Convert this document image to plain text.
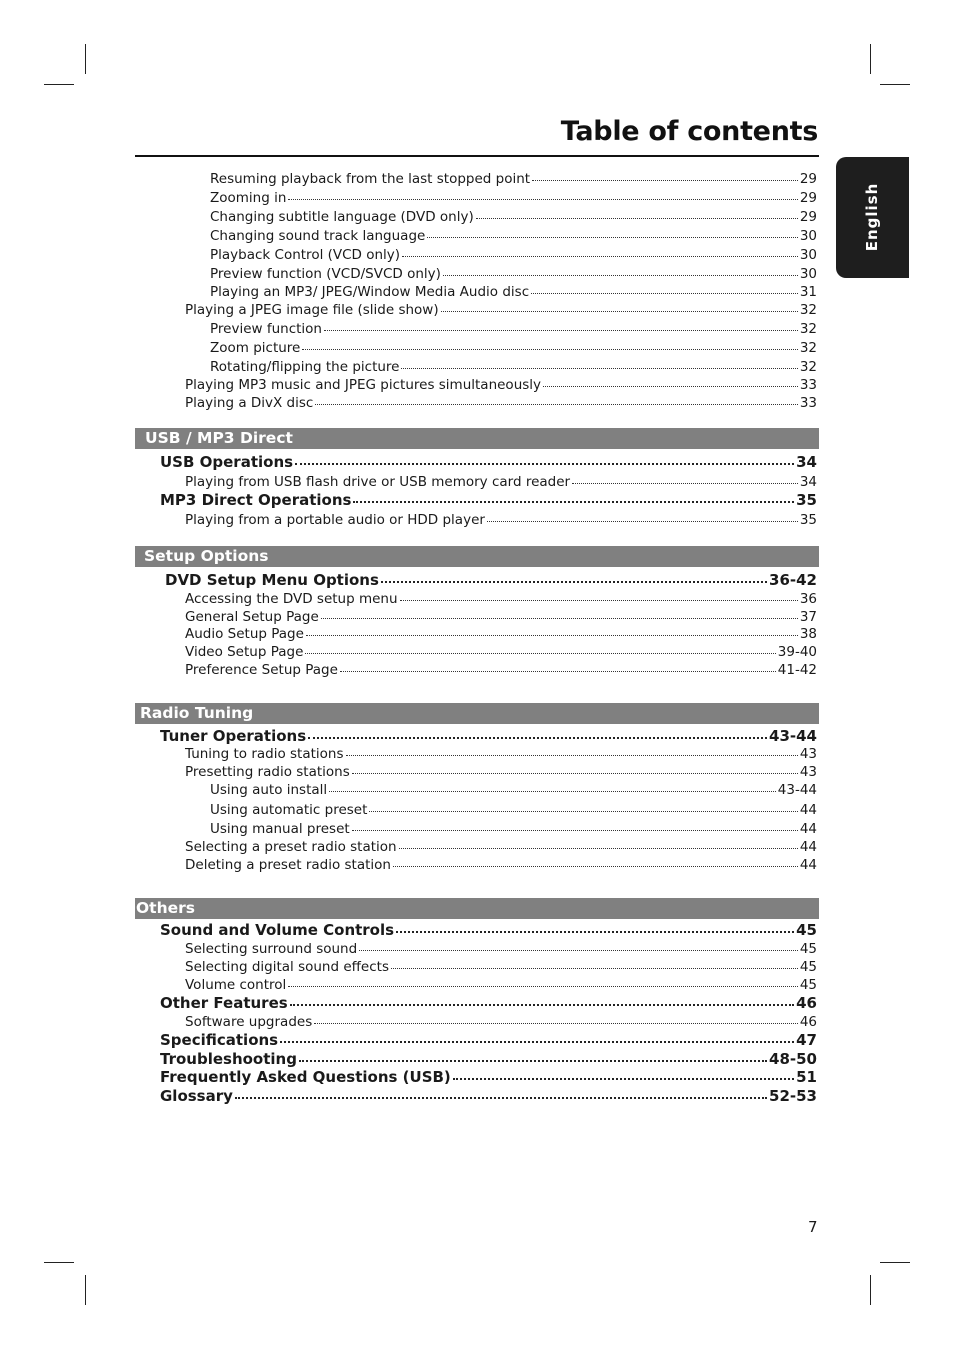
Table of contents
English
Resuming playback from the last stopped point	29
Zooming in	29
Changing subtitle language (DVD only)	29
Changing sound track language	30
Playback Control (VCD only)	30
Preview function (VCD/SVCD only)	30
Playing an MP3/ JPEG/Window Media Audio disc	31
Playing a JPEG image file (slide show)	32
Preview function	32
Zoom picture	32
Rotating/flipping the picture	32
Playing MP3 music and JPEG pictures simultaneously	33
Playing a DivX disc	33
USB / MP3 Direct
USB Operations	34
Playing from USB flash drive or USB memory card reader	34
MP3 Direct Operations	35
Playing from a portable audio or HDD player	35
Setup Options
DVD Setup Menu Options	36-42
Accessing the DVD setup menu	36
General Setup Page	37
Audio Setup Page	38
Video Setup Page	39-40
Preference Setup Page	41-42
Radio Tuning
Tuner Operations	43-44
Tuning to radio stations	43
Presetting radio stations	43
Using auto install	43-44
Using automatic preset	44
Using manual preset	44
Selecting a preset radio station	44
Deleting a preset radio station	44
Others
Sound and Volume Controls	45
Selecting surround sound	45
Selecting digital sound effects	45
Volume control	45
Other Features	46
Software upgrades	46
Specifications	47
Troubleshooting	48-50
Frequently Asked Questions (USB)	51
Glossary	52-53
7
